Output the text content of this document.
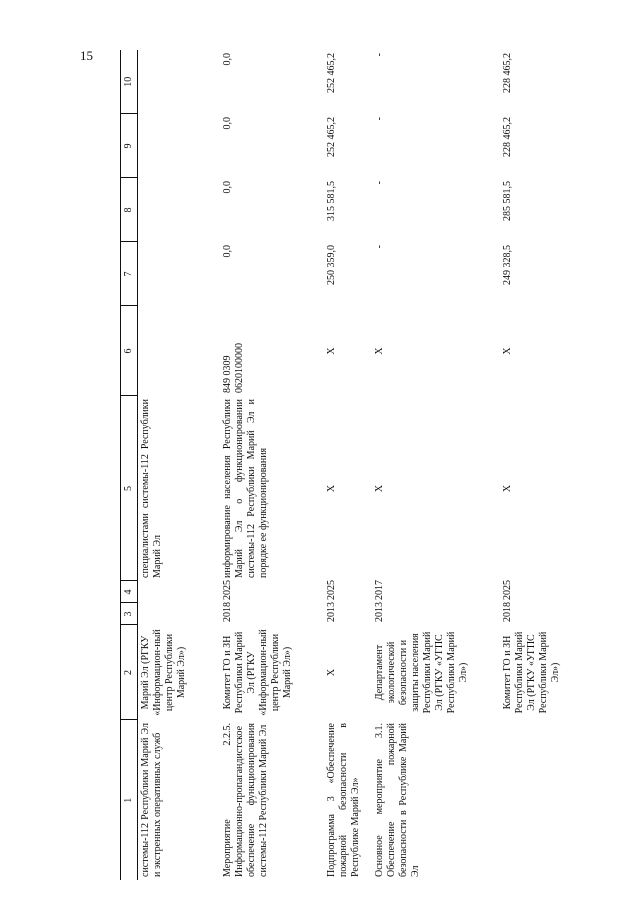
15
1	2	3	4	5	6	7	8	9	10
системы-112 Республики Марий Эл и экстренных оперативных служб	Марий Эл (РГКУ «Информацион-ный центр Республики Марий Эл»)			специалистами системы-112 Республики Марий Эл					
Мероприятие 2.2.5. Информационно-пропагандистское обеспечение функционирования системы-112 Республики Марий Эл	Комитет ГО и ЗН Республики Марий Эл (РГКУ «Информацион-ный центр Республики Марий Эл»)	2018	2025	информирование населения Республики Марий Эл о функционировании системы-112 Республики Марий Эл и порядке ее функционирования	849 0309 0620100000	0,0	0,0	0,0	0,0
Подпрограмма 3 «Обеспечение пожарной безопасности в Республике Марий Эл»	X	2013	2025	X	X	250 359,0	315 581,5	252 465,2	252 465,2
Основное мероприятие 3.1. Обеспечение пожарной безопасности в Республике Марий Эл	Департамент экологической безопасности и защиты населения Республики Марий Эл (РГКУ «УГПС Республики Марий Эл»)	2013	2017	X	X	-	-	-	-
	Комитет ГО и ЗН Республики Марий Эл (РГКУ «УГПС Республики Марий Эл»)	2018	2025	X	X	249 328,5	285 581,5	228 465,2	228 465,2
